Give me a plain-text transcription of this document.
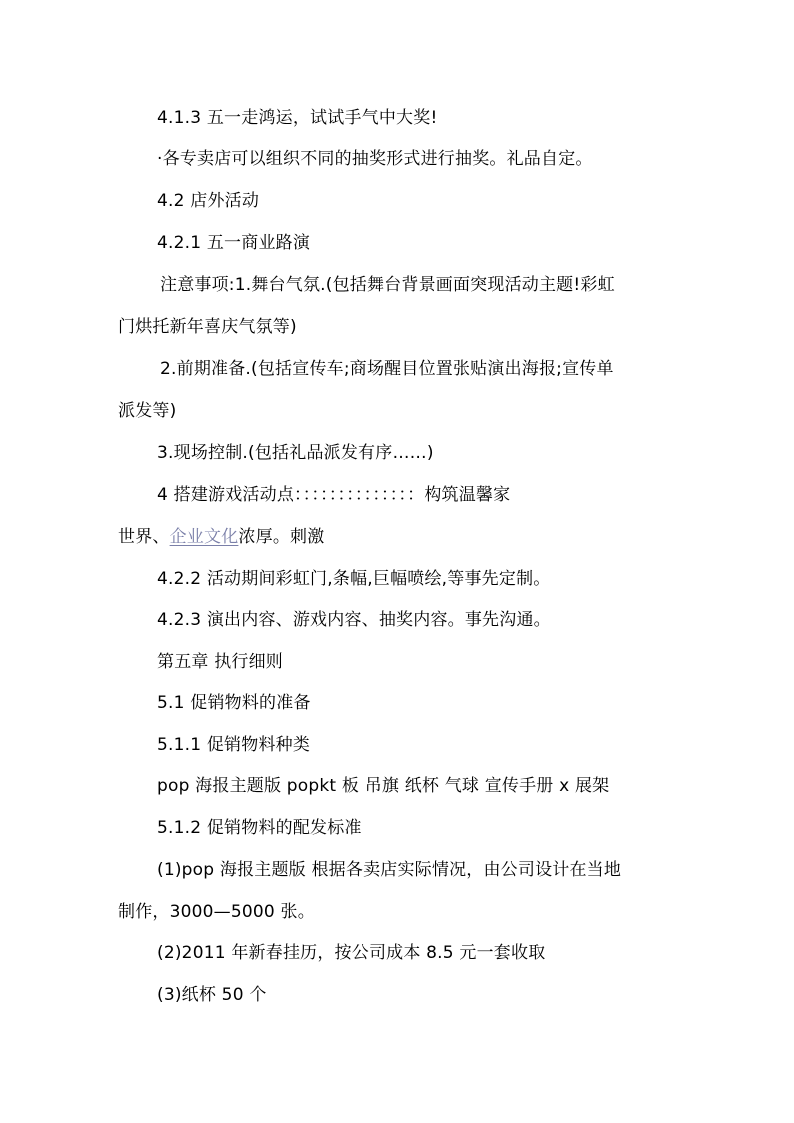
4.1.3 五一走鸿运，试试手气中大奖!
·各专卖店可以组织不同的抽奖形式进行抽奖。礼品自定。
4.2 店外活动
4.2.1 五一商业路演
注意事项:1.舞台气氛.(包括舞台背景画面突现活动主题!彩虹
门烘托新年喜庆气氛等)
2.前期准备.(包括宣传车;商场醒目位置张贴演出海报;宣传单
派发等)
3.现场控制.(包括礼品派发有序……)
4 搭建游戏活动点：：：：：：：：：：：：：：构筑温馨家
世界、企业文化浓厚。刺激
4.2.2 活动期间彩虹门,条幅,巨幅喷绘,等事先定制。
4.2.3 演出内容、游戏内容、抽奖内容。事先沟通。
第五章 执行细则
5.1 促销物料的准备
5.1.1 促销物料种类
pop 海报主题版 popkt 板 吊旗 纸杯 气球 宣传手册 x 展架
5.1.2 促销物料的配发标准
(1)pop 海报主题版 根据各卖店实际情况，由公司设计在当地
制作，3000—5000 张。
(2)2011 年新春挂历，按公司成本 8.5 元一套收取
(3)纸杯 50 个
